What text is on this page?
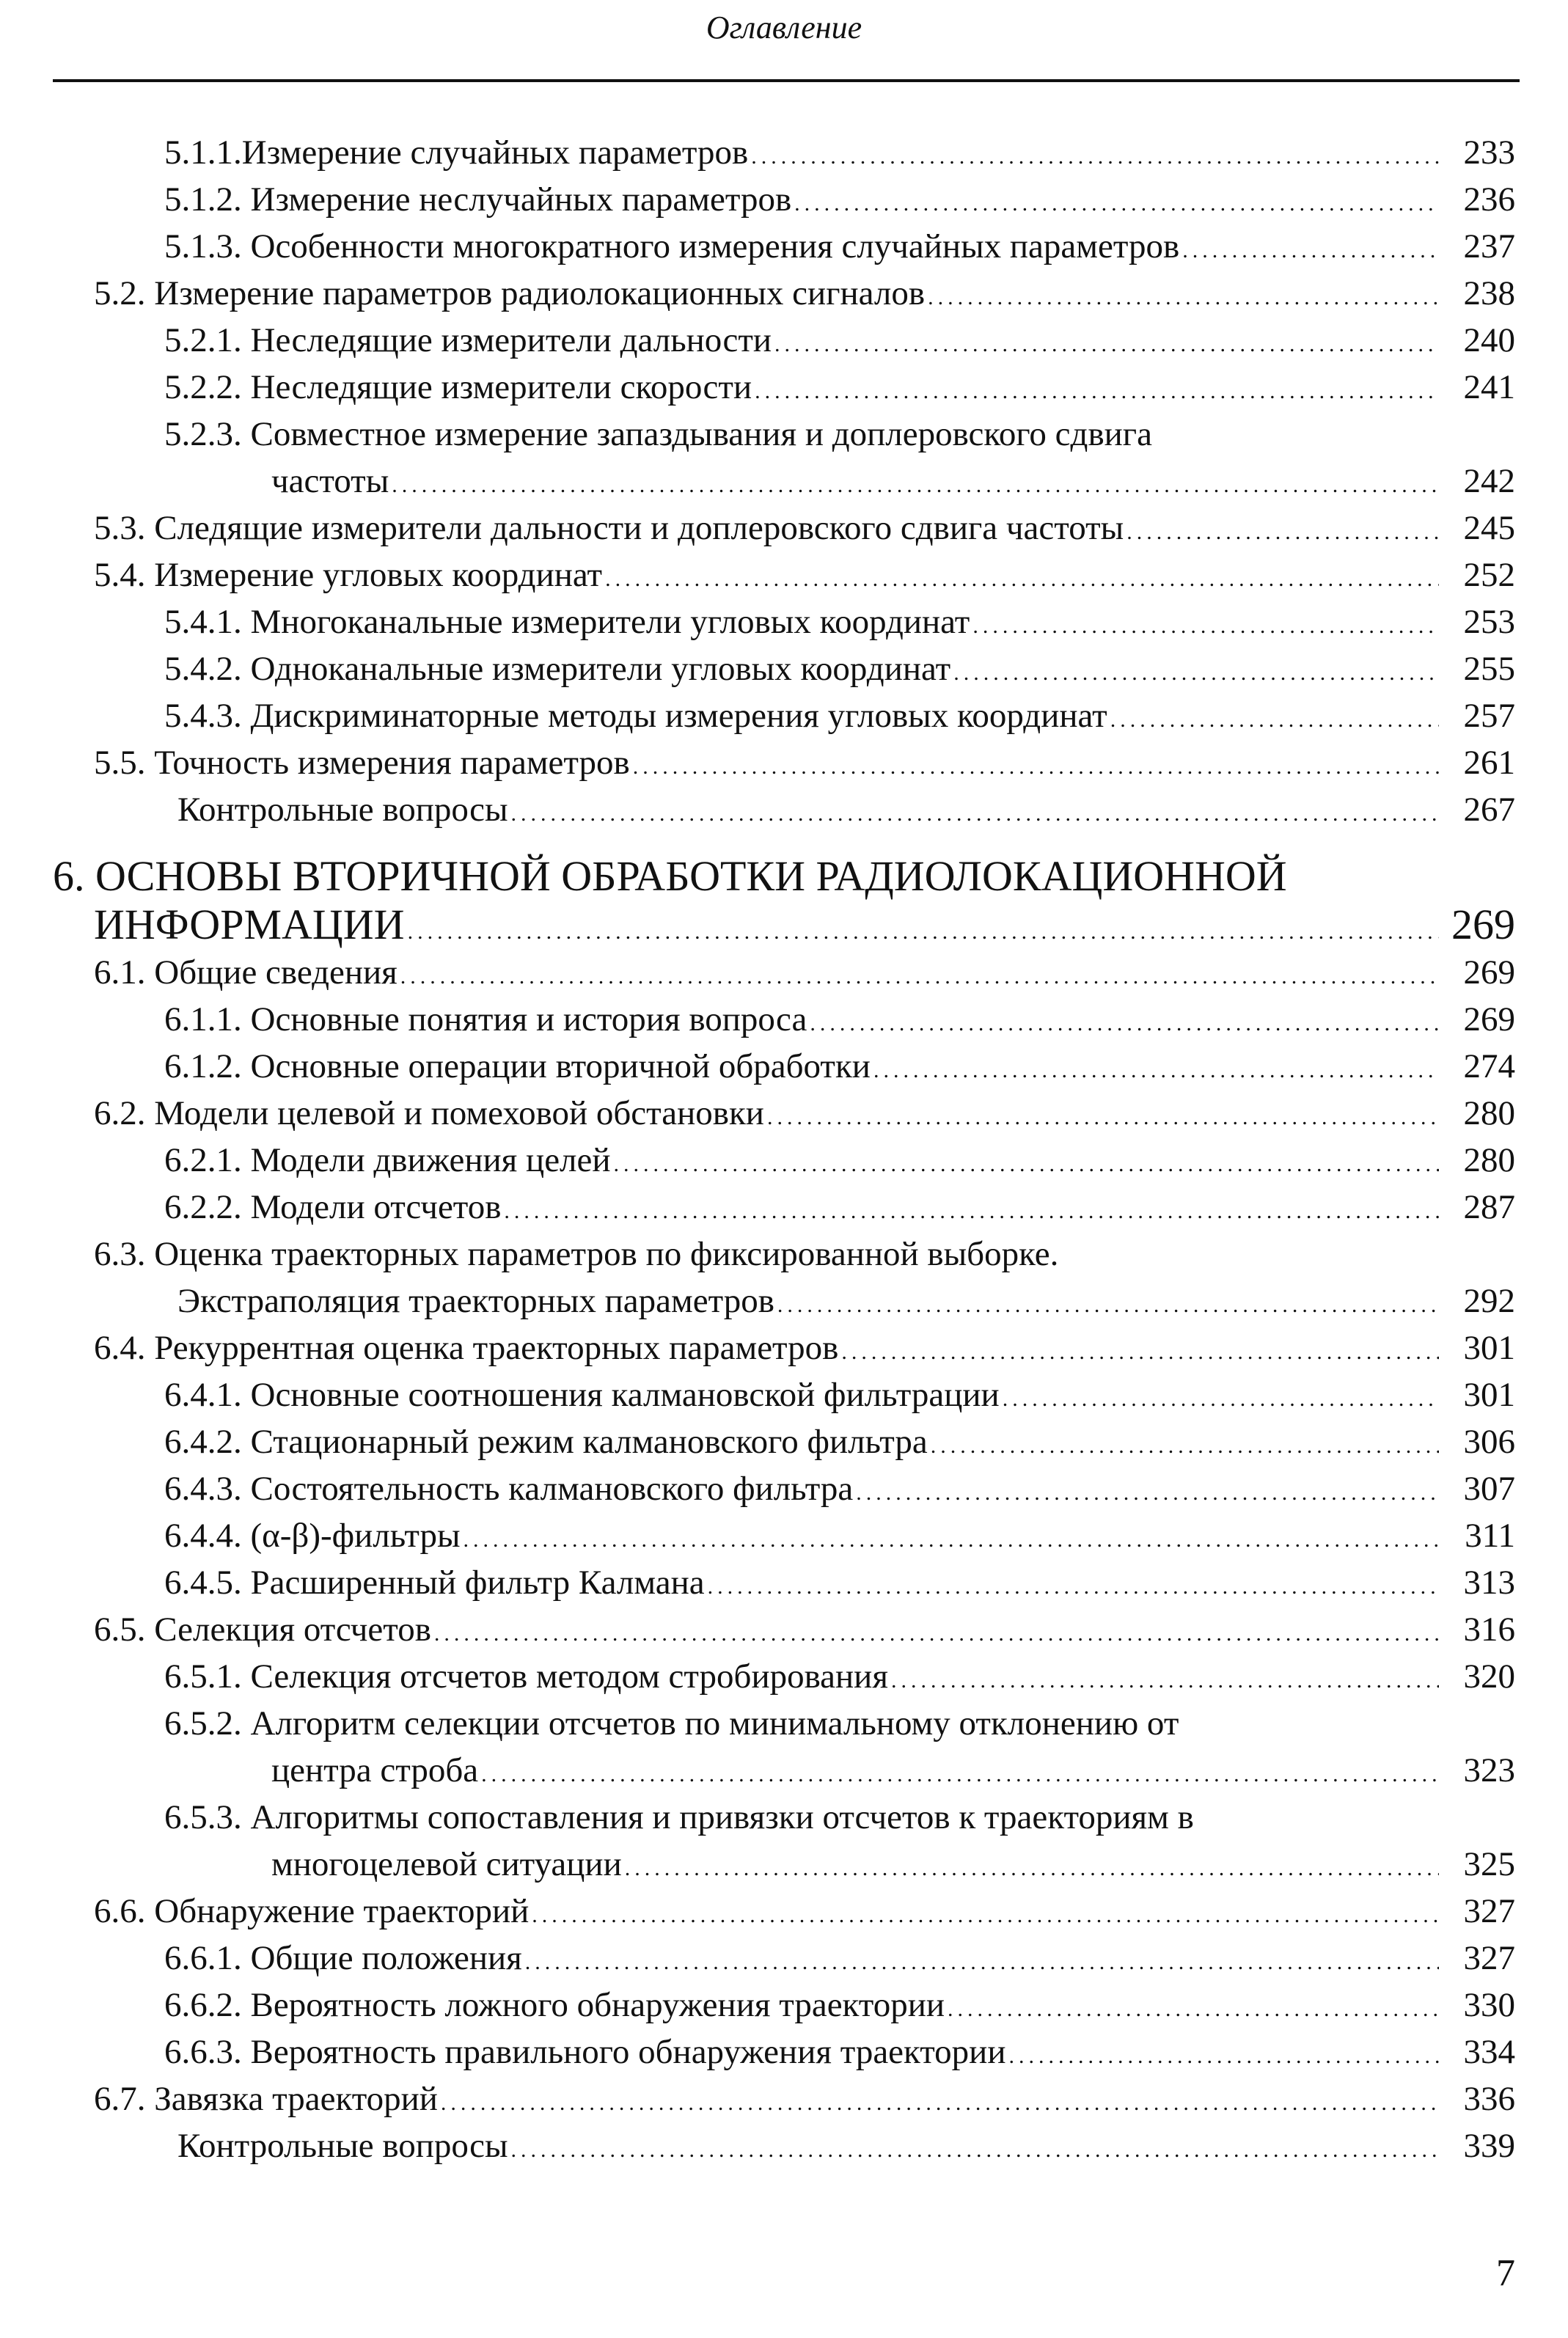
Оглавление
5.1.1.Измерение случайных параметров .....	233
5.1.2. Измерение неслучайных параметров .....	236
5.1.3. Особенности многократного измерения случайных параметров .....	237
5.2. Измерение параметров радиолокационных сигналов .....	238
5.2.1. Неследящие измерители дальности .....	240
5.2.2. Неследящие измерители скорости .....	241
5.2.3. Совместное измерение запаздывания и доплеровского сдвига
частоты .....	242
5.3. Следящие измерители дальности и доплеровского сдвига частоты .....	245
5.4. Измерение угловых координат .....	252
5.4.1. Многоканальные измерители угловых координат .....	253
5.4.2. Одноканальные измерители угловых координат .....	255
5.4.3. Дискриминаторные методы измерения угловых координат .....	257
5.5. Точность измерения параметров .....	261
Контрольные вопросы .....	267
6. ОСНОВЫ ВТОРИЧНОЙ ОБРАБОТКИ РАДИОЛОКАЦИОННОЙ
ИНФОРМАЦИИ .....	269
6.1. Общие сведения .....	269
6.1.1. Основные понятия и история вопроса .....	269
6.1.2. Основные операции вторичной обработки .....	274
6.2. Модели целевой и помеховой обстановки .....	280
6.2.1. Модели движения целей .....	280
6.2.2. Модели отсчетов .....	287
6.3. Оценка траекторных параметров по фиксированной выборке.
Экстраполяция траекторных параметров .....	292
6.4. Рекуррентная оценка траекторных параметров .....	301
6.4.1. Основные соотношения калмановской фильтрации .....	301
6.4.2. Стационарный режим калмановского фильтра .....	306
6.4.3. Состоятельность калмановского фильтра .....	307
6.4.4. (α-β)-фильтры .....	311
6.4.5. Расширенный фильтр Калмана .....	313
6.5. Селекция отсчетов .....	316
6.5.1. Селекция отсчетов методом стробирования .....	320
6.5.2. Алгоритм селекции отсчетов по минимальному отклонению от
центра строба .....	323
6.5.3. Алгоритмы сопоставления и привязки отсчетов к траекториям в
многоцелевой ситуации .....	325
6.6. Обнаружение траекторий .....	327
6.6.1. Общие положения .....	327
6.6.2. Вероятность ложного обнаружения траектории .....	330
6.6.3. Вероятность правильного обнаружения траектории .....	334
6.7. Завязка траекторий .....	336
Контрольные вопросы .....	339
7
